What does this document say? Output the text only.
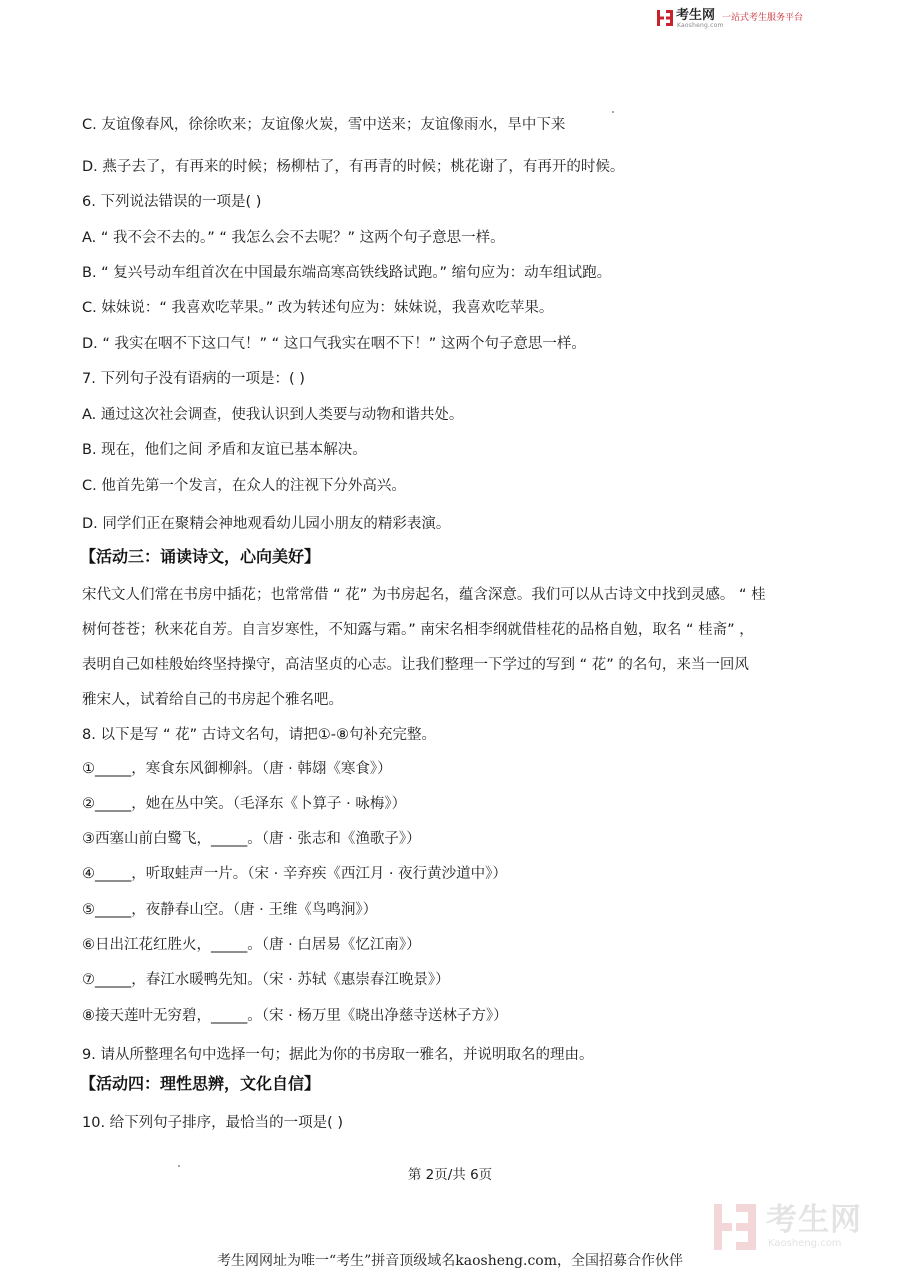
考生网
Kaosheng.com
一站式考生服务平台

C. 友谊像春风，徐徐吹来；友谊像火炭，雪中送来；友谊像雨水，旱中下来

D. 燕子去了，有再来的时候；杨柳枯了，有再青的时候；桃花谢了，有再开的时候。

6. 下列说法错误的一项是( )

A. “ 我不会不去的。” “ 我怎么会不去呢？” 这两个句子意思一样。

B. “ 复兴号动车组首次在中国最东端高寒高铁线路试跑。” 缩句应为：动车组试跑。

C. 妹妹说：“ 我喜欢吃苹果。” 改为转述句应为：妹妹说，我喜欢吃苹果。

D. “ 我实在咽不下这口气！” “ 这口气我实在咽不下！” 这两个句子意思一样。

7. 下列句子没有语病的一项是：( )

A. 通过这次社会调查，使我认识到人类要与动物和谐共处。

B. 现在，他们之间 矛盾和友谊已基本解决。

C. 他首先第一个发言，在众人的注视下分外高兴。

D. 同学们正在聚精会神地观看幼儿园小朋友的精彩表演。

【活动三：诵读诗文，心向美好】

宋代文人们常在书房中插花；也常常借 “ 花” 为书房起名，蕴含深意。我们可以从古诗文中找到灵感。 “ 桂
树何苍苍；秋来花自芳。自言岁寒性，不知露与霜。” 南宋名相李纲就借桂花的品格自勉，取名 “ 桂斋” ，
表明自己如桂般始终坚持操守，高洁坚贞的心志。让我们整理一下学过的写到 “ 花” 的名句，来当一回风
雅宋人，试着给自己的书房起个雅名吧。

8. 以下是写 “ 花” 古诗文名句，请把①-⑧句补充完整。

①_____，寒食东风御柳斜。（唐 · 韩翃《寒食》）

②_____，她在丛中笑。（毛泽东《卜算子 · 咏梅》）

③西塞山前白鹭飞，_____。（唐 · 张志和《渔歌子》）

④_____，听取蛙声一片。（宋 · 辛弃疾《西江月 · 夜行黄沙道中》）

⑤_____，夜静春山空。（唐 · 王维《鸟鸣涧》）

⑥日出江花红胜火，_____。（唐 · 白居易《忆江南》）

⑦_____，春江水暖鸭先知。（宋 · 苏轼《惠崇春江晚景》）

⑧接天莲叶无穷碧，_____。（宋 · 杨万里《晓出净慈寺送林子方》）

9. 请从所整理名句中选择一句；据此为你的书房取一雅名，并说明取名的理由。

【活动四：理性思辨，文化自信】

10. 给下列句子排序，最恰当的一项是( )

第 2页/共 6页

考生网
Kaosheng.com

考生网网址为唯一“考生”拼音顶级域名kaosheng.com，全国招募合作伙伴
